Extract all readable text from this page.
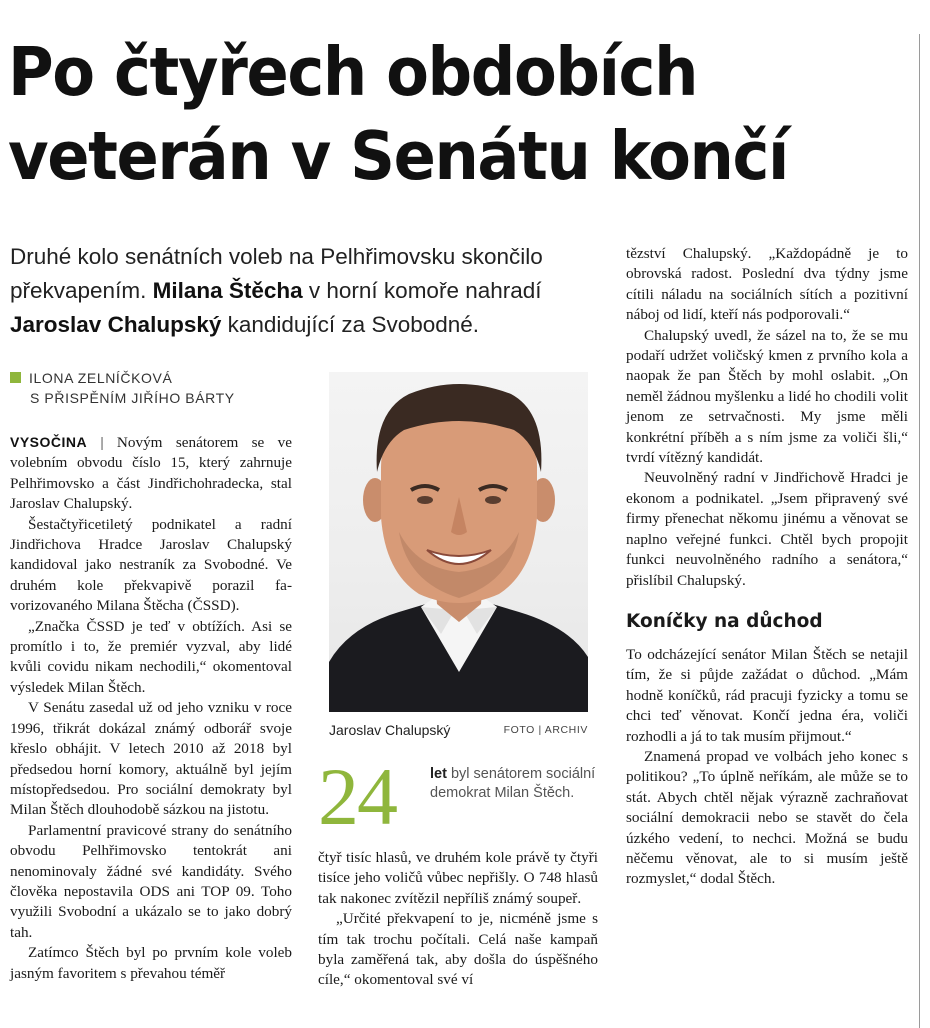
Po čtyřech obdobích
veterán v Senátu končí

Druhé kolo senátních voleb na Pelhřimovsku skončilo překvapením. Milana Štěcha v horní komoře nahradí Jaroslav Chalupský kandidující za Svobodné.

ILONA ZELNÍČKOVÁ
S PŘISPĚNÍM JIŘÍHO BÁRTY

VYSOČINA | Novým senátorem se ve volebním obvodu číslo 15, který zahrnuje Pelhřimovsko a část Jindřichohradecka, stal Jaroslav Chalupský.

Šestačtyřicetiletý podnikatel a radní Jindřichova Hradce Jaroslav Chalupský kandidoval jako nestraník za Svobodné. Ve druhém kole překvapivě porazil favorizovaného Milana Štěcha (ČSSD).

„Značka ČSSD je teď v obtížích. Asi se promítlo i to, že premiér vyzval, aby lidé kvůli covidu nikam nechodili,“ okomentoval výsledek Milan Štěch.

V Senátu zasedal už od jeho vzniku v roce 1996, třikrát dokázal známý odborář svoje křeslo obhájit. V letech 2010 až 2018 byl předsedou horní komory, aktuálně byl jejím místopředsedou. Pro sociální demokraty byl Milan Štěch dlouhodobě sázkou na jistotu.

Parlamentní pravicové strany do senátního obvodu Pelhřimovsko tentokrát ani nenominovaly žádné své kandidáty. Svého člověka nepostavila ODS ani TOP 09. Toho využili Svobodní a ukázalo se to jako dobrý tah.

Zatímco Štěch byl po prvním kole voleb jasným favoritem s převahou téměř

Jaroslav Chalupský	FOTO | ARCHIV
24 let byl senátorem sociální demokrat Milan Štěch.

čtyř tisíc hlasů, ve druhém kole právě ty čtyři tisíce jeho voličů vůbec nepřišly. O 748 hlasů tak nakonec zvítězil nepříliš známý soupeř.

„Určité překvapení to je, nicméně jsme s tím tak trochu počítali. Celá naše kampaň byla zaměřená tak, aby došla do úspěšného cíle,“ okomentoval své ví

tězství Chalupský. „Každopádně je to obrovská radost. Poslední dva týdny jsme cítili náladu na sociálních sítích a pozitivní náboj od lidí, kteří nás podporovali.“

Chalupský uvedl, že sázel na to, že se mu podaří udržet voličský kmen z prvního kola a naopak že pan Štěch by mohl oslabit. „On neměl žádnou myšlenku a lidé ho chodili volit jenom ze setrvačnosti. My jsme měli konkrétní příběh a s ním jsme za voliči šli,“ tvrdí vítězný kandidát.

Neuvolněný radní v Jindřichově Hradci je ekonom a podnikatel. „Jsem připravený své firmy přenechat někomu jinému a věnovat se naplno veřejné funkci. Chtěl bych propojit funkci neuvolněného radního a senátora,“ přislíbil Chalupský.

Koníčky na důchod

To odcházející senátor Milan Štěch se netajil tím, že si půjde zažádat o důchod. „Mám hodně koníčků, rád pracuji fyzicky a tomu se chci teď věnovat. Končí jedna éra, voliči rozhodli a já to tak musím přijmout.“

Znamená propad ve volbách jeho konec s politikou? „To úplně neříkám, ale může se to stát. Abych chtěl nějak výrazně zachraňovat sociální demokracii nebo se stavět do čela úzkého vedení, to nechci. Možná se budu něčemu věnovat, ale to si musím ještě rozmyslet,“ dodal Štěch.
